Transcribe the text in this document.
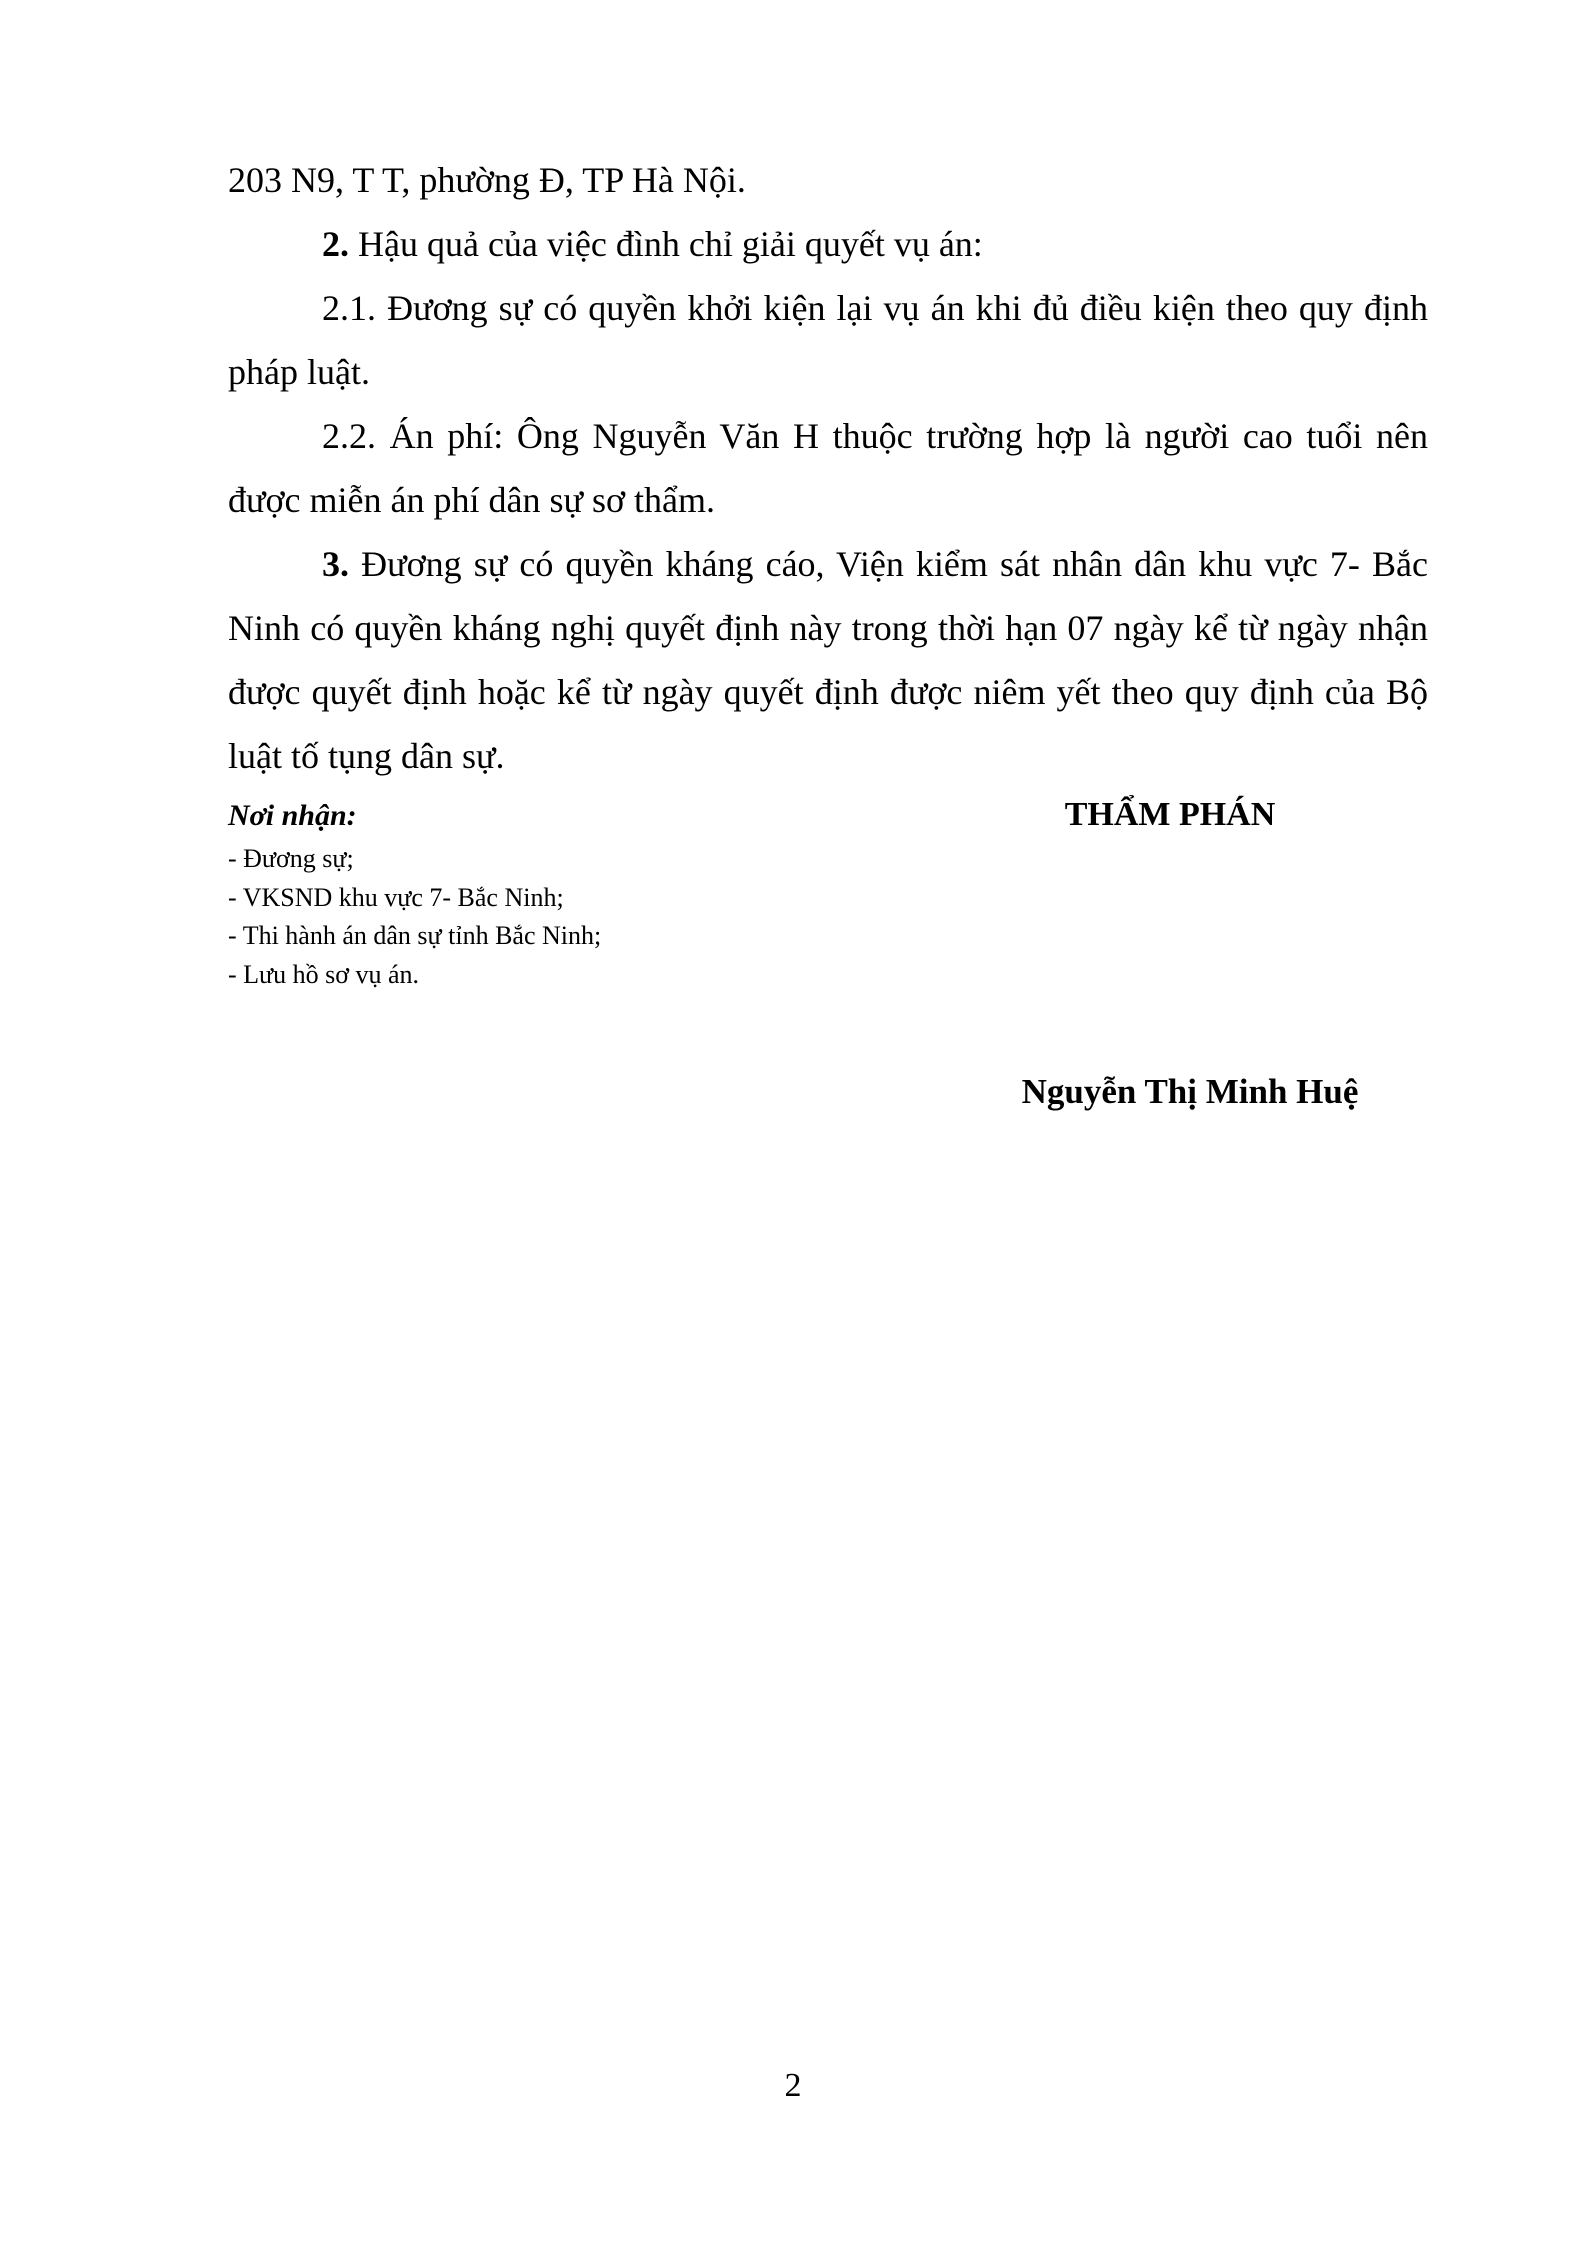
203 N9, T T, phường Đ, TP Hà Nội.

2. Hậu quả của việc đình chỉ giải quyết vụ án:

2.1. Đương sự có quyền khởi kiện lại vụ án khi đủ điều kiện theo quy định pháp luật.

2.2. Án phí: Ông Nguyễn Văn H thuộc trường hợp là người cao tuổi nên được miễn án phí dân sự sơ thẩm.

3. Đương sự có quyền kháng cáo, Viện kiểm sát nhân dân khu vực 7- Bắc Ninh có quyền kháng nghị quyết định này trong thời hạn 07 ngày kể từ ngày nhận được quyết định hoặc kể từ ngày quyết định được niêm yết theo quy định của Bộ luật tố tụng dân sự.

Nơi nhận:

- Đương sự;
- VKSND khu vực 7- Bắc Ninh;
- Thi hành án dân sự tỉnh Bắc Ninh;
- Lưu hồ sơ vụ án.

THẨM PHÁN

Nguyễn Thị Minh Huệ

2
